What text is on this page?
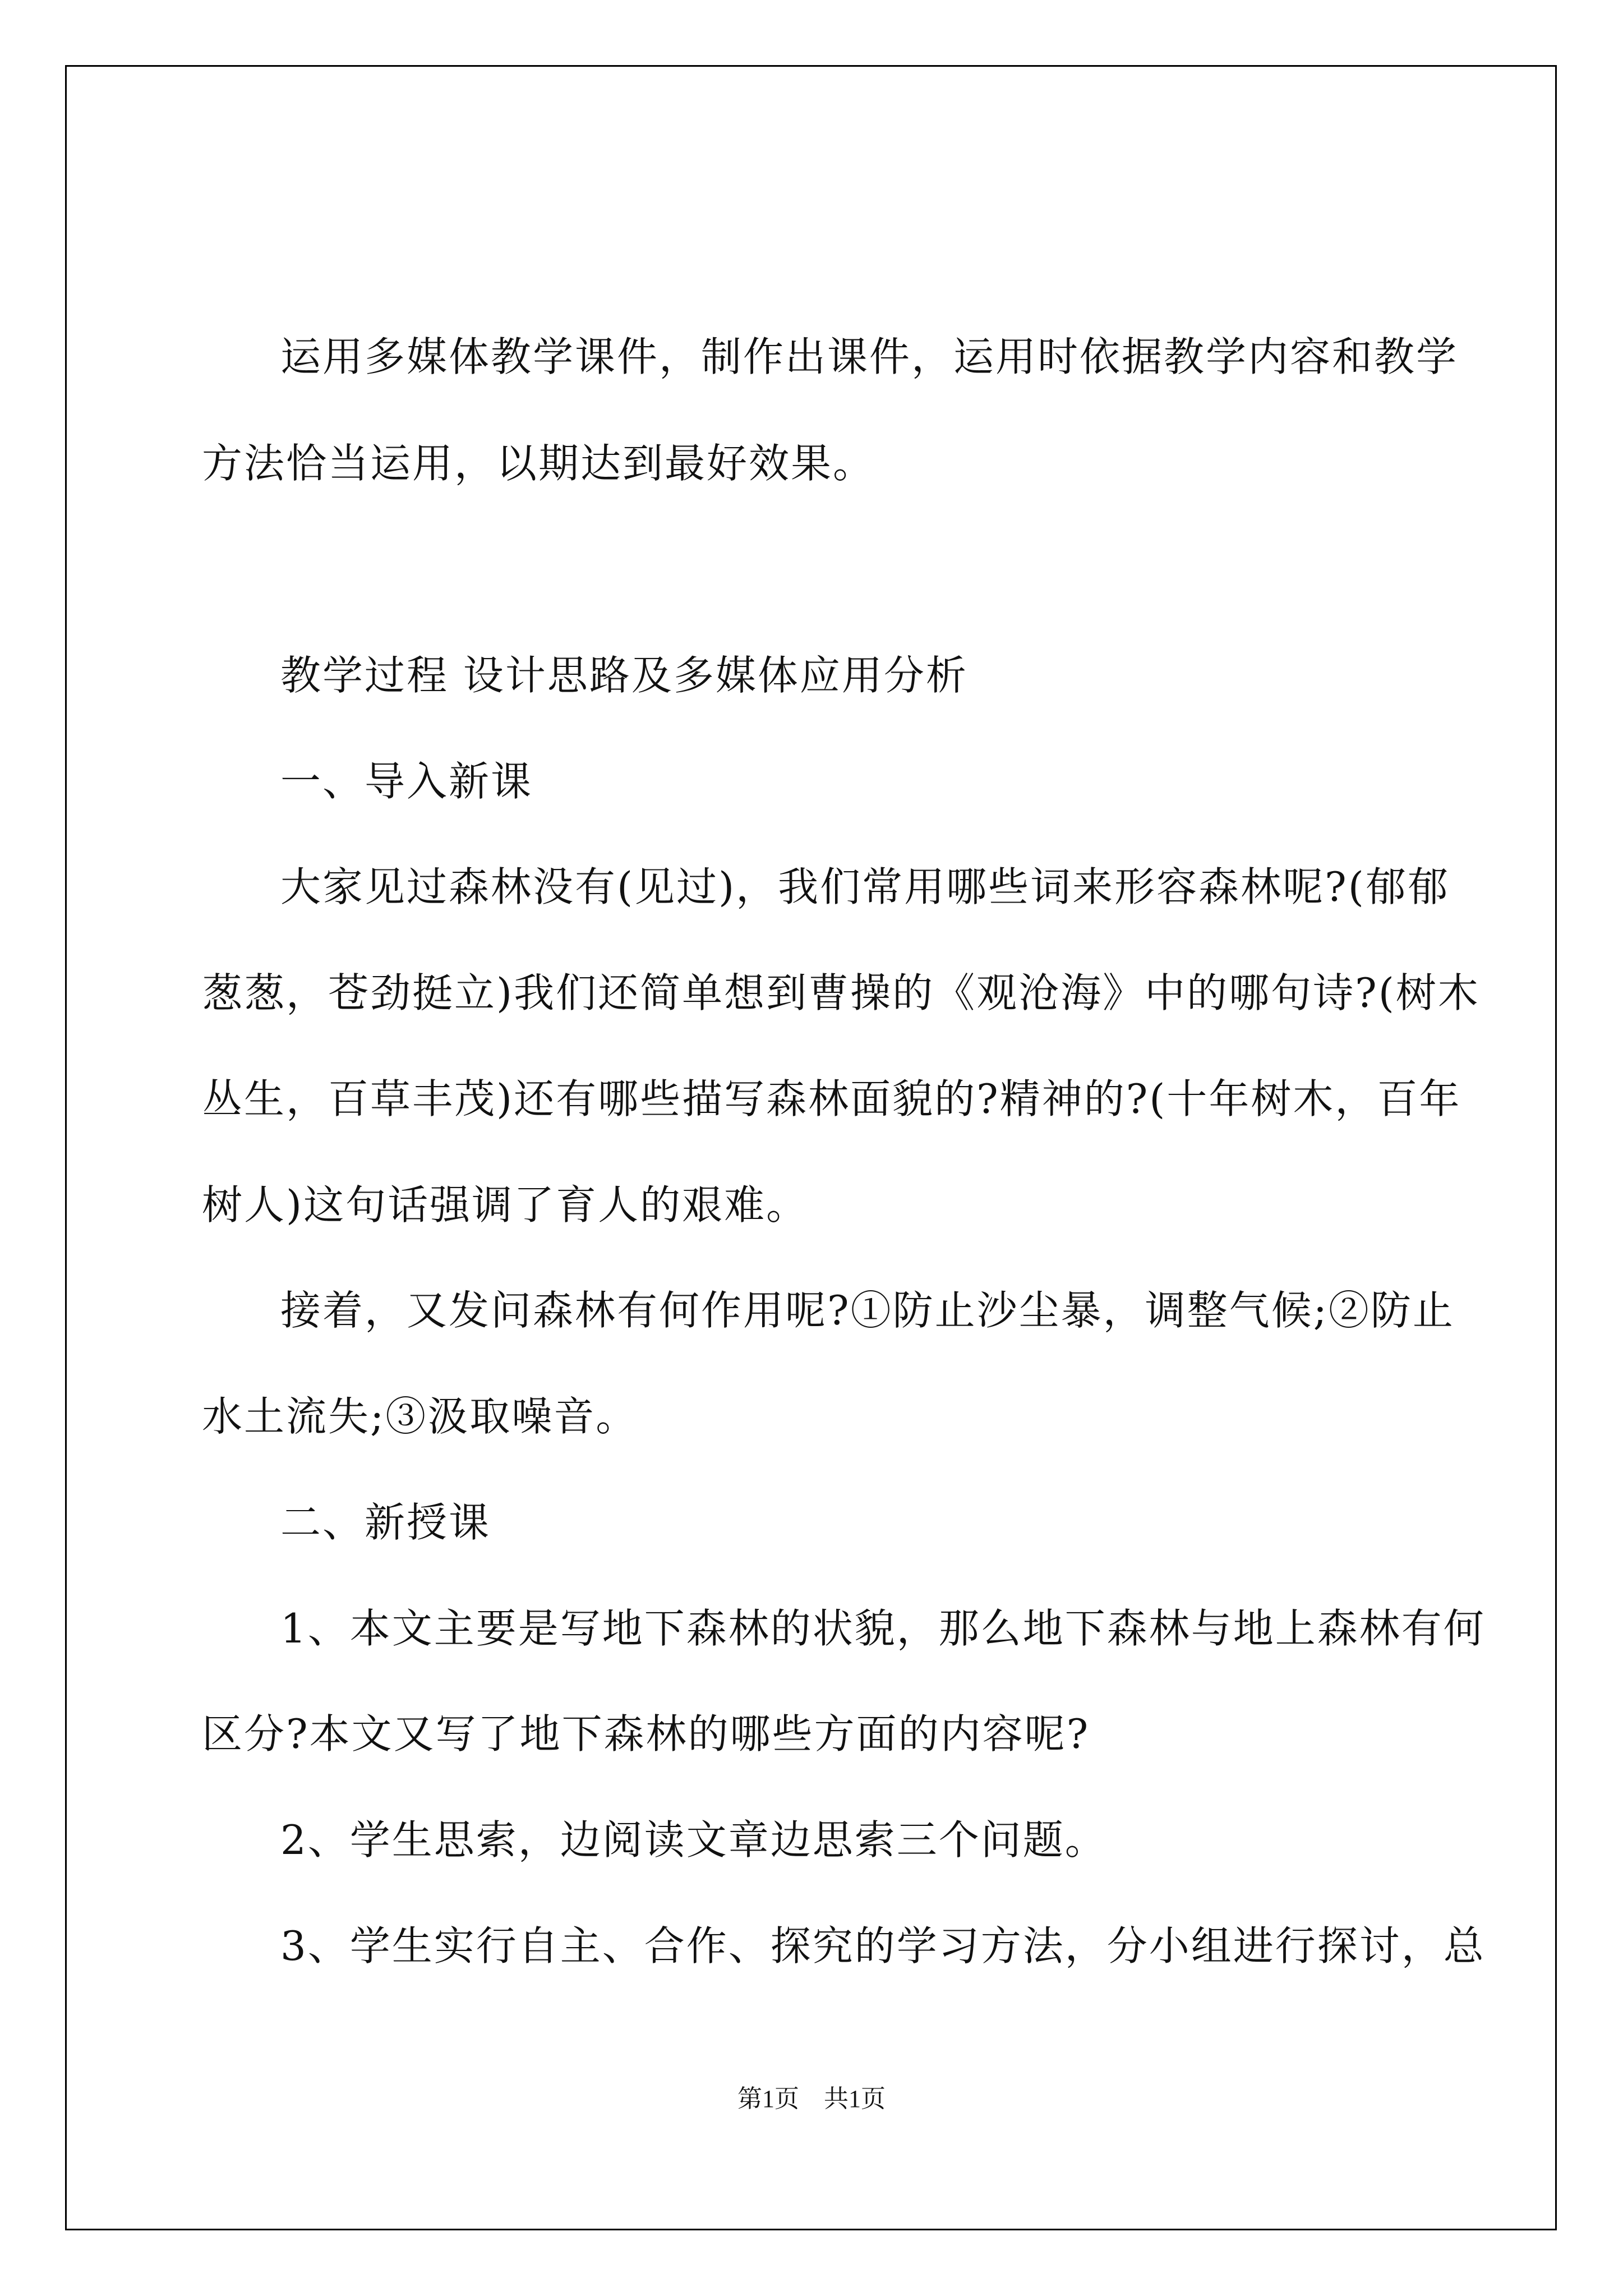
运用多媒体教学课件，制作出课件，运用时依据教学内容和教学
方法恰当运用，以期达到最好效果。
教学过程 设计思路及多媒体应用分析
一、导入新课
大家见过森林没有(见过)，我们常用哪些词来形容森林呢?(郁郁
葱葱，苍劲挺立)我们还简单想到曹操的《观沧海》中的哪句诗?(树木
丛生，百草丰茂)还有哪些描写森林面貌的?精神的?(十年树木，百年
树人)这句话强调了育人的艰难。
接着，又发问森林有何作用呢?①防止沙尘暴，调整气候;②防止
水土流失;③汲取噪音。
二、新授课
1、本文主要是写地下森林的状貌，那么地下森林与地上森林有何
区分?本文又写了地下森林的哪些方面的内容呢?
2、学生思索，边阅读文章边思索三个问题。
3、学生实行自主、合作、探究的学习方法，分小组进行探讨，总
第1页　共1页
